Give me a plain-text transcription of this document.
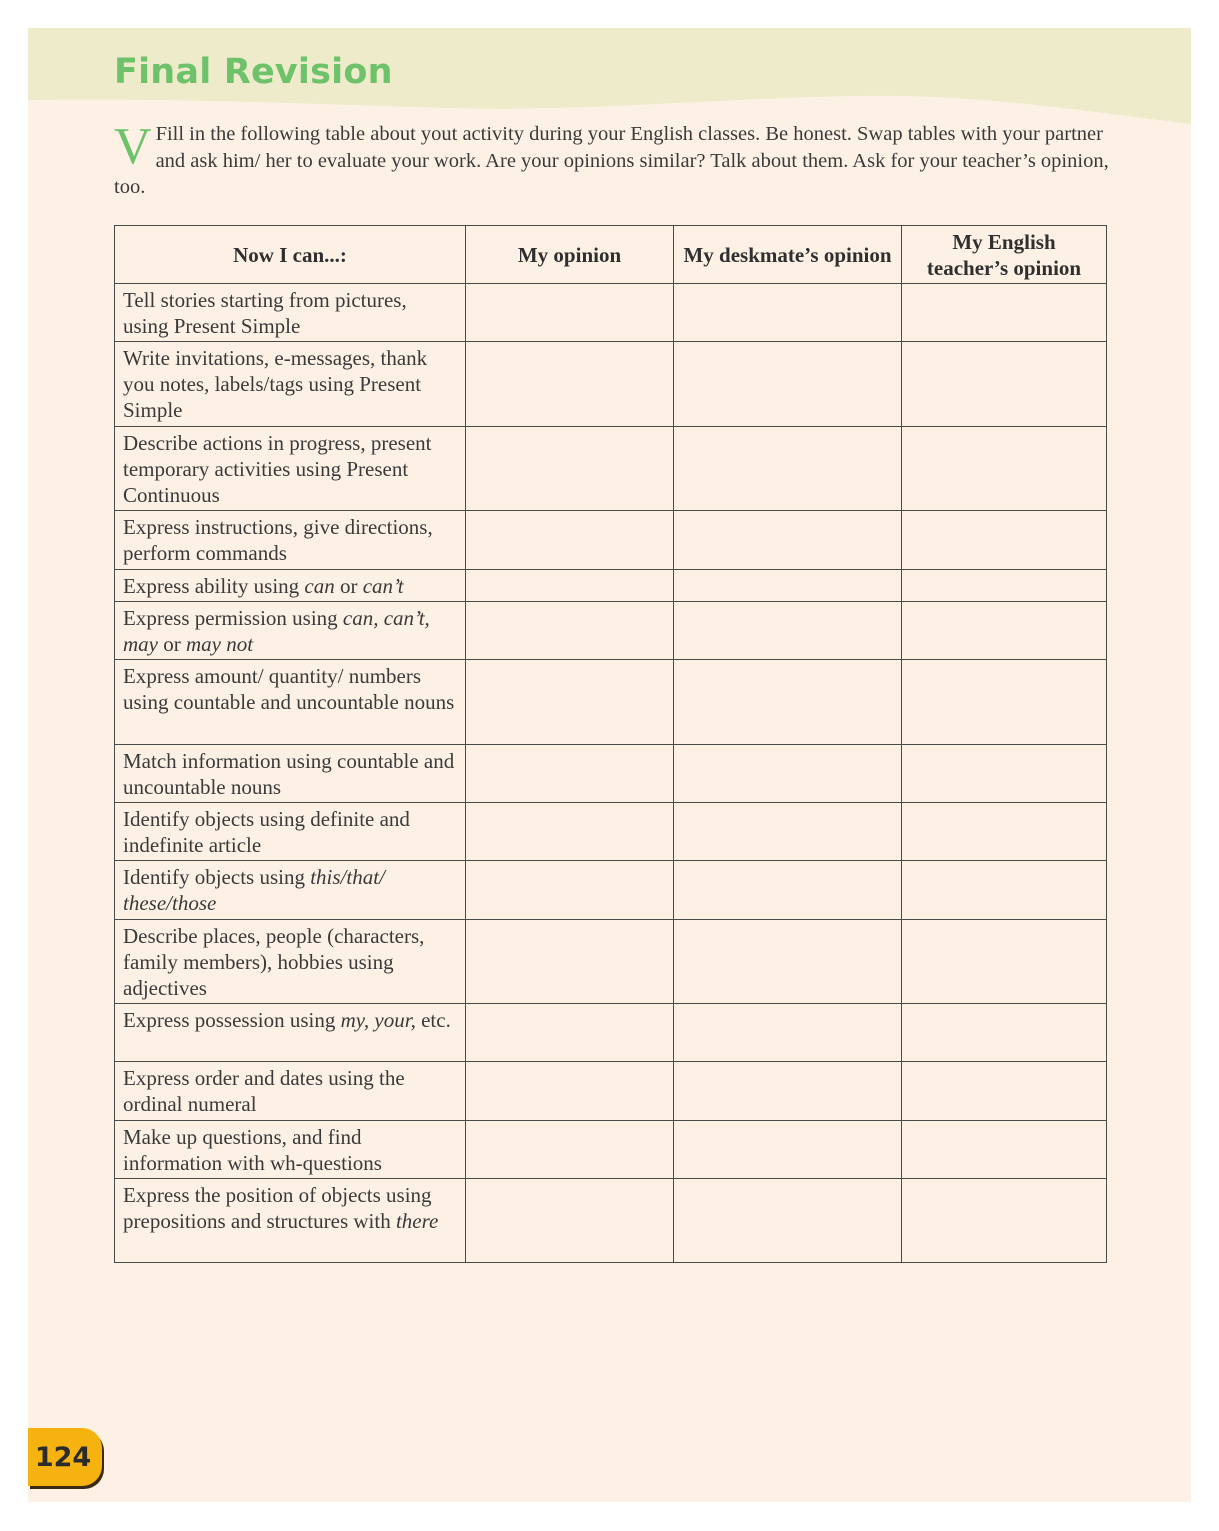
Final Revision
V Fill in the following table about yout activity during your English classes. Be honest. Swap tables with your partner and ask him/ her to evaluate your work. Are your opinions similar? Talk about them. Ask for your teacher’s opinion, too.
Now I can...:	My opinion	My deskmate’s opinion	My English teacher’s opinion
Tell stories starting from pictures, using Present Simple			
Write invitations, e-messages, thank you notes, labels/tags using Present Simple			
Describe actions in progress, present temporary activities using Present Continuous			
Express instructions, give directions, perform commands			
Express ability using can or can’t			
Express permission using can, can’t, may or may not			
Express amount/ quantity/ numbers using countable and uncountable nouns			
Match information using countable and uncountable nouns			
Identify objects using definite and indefinite article			
Identify objects using this/that/ these/those			
Describe places, people (characters, family members), hobbies using adjectives			
Express possession using my, your, etc.			
Express order and dates using the ordinal numeral			
Make up questions, and find information with wh-questions			
Express the position of objects using prepositions and structures with there			
124
